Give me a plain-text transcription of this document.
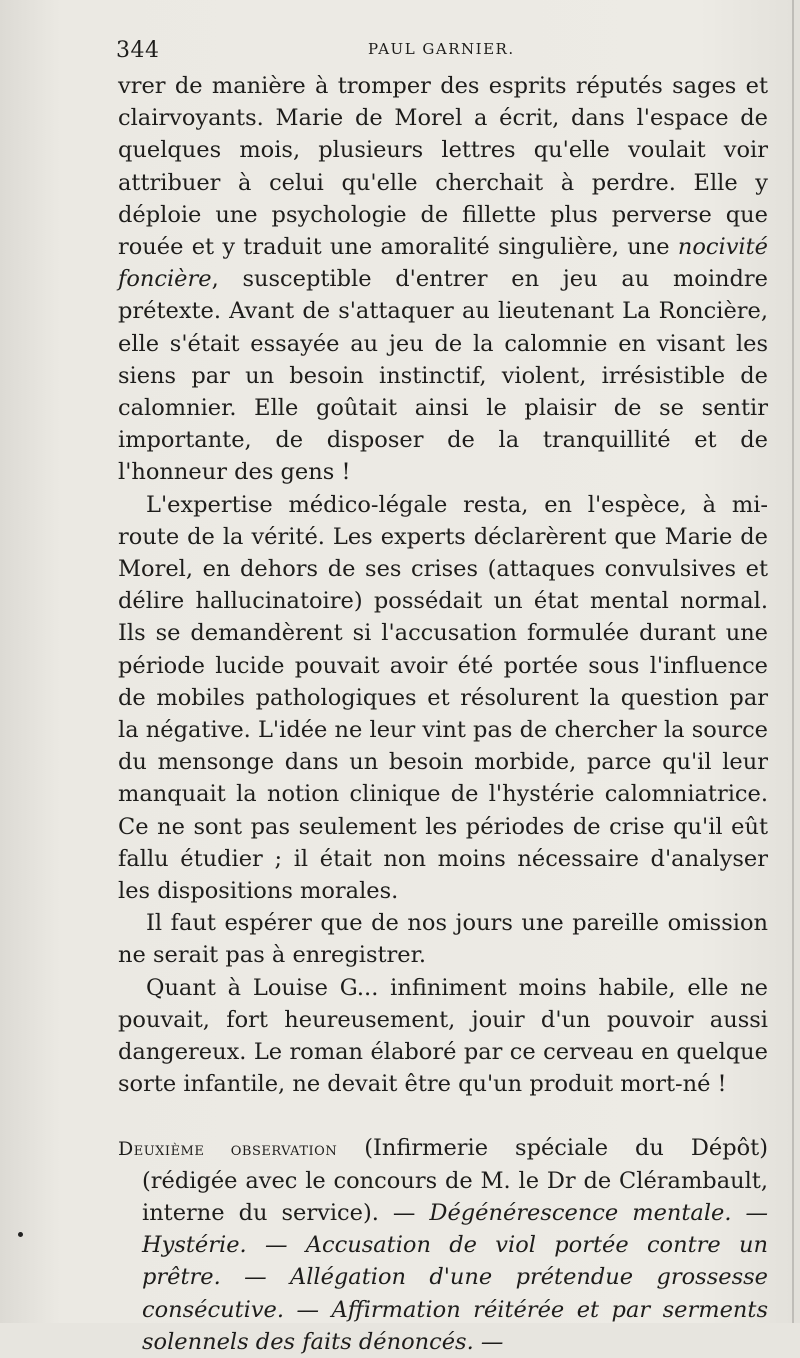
344	PAUL GARNIER.

vrer de manière à tromper des esprits réputés sages et clairvoyants. Marie de Morel a écrit, dans l'espace de quelques mois, plusieurs lettres qu'elle voulait voir attribuer à celui qu'elle cherchait à perdre. Elle y déploie une psychologie de fillette plus perverse que rouée et y traduit une amoralité singulière, une nocivité foncière, susceptible d'entrer en jeu au moindre prétexte. Avant de s'attaquer au lieutenant La Roncière, elle s'était essayée au jeu de la calomnie en visant les siens par un besoin instinctif, violent, irrésistible de calomnier. Elle goûtait ainsi le plaisir de se sentir importante, de disposer de la tranquillité et de l'honneur des gens !

L'expertise médico-légale resta, en l'espèce, à mi-route de la vérité. Les experts déclarèrent que Marie de Morel, en dehors de ses crises (attaques convulsives et délire hallucinatoire) possédait un état mental normal. Ils se demandèrent si l'accusation formulée durant une période lucide pouvait avoir été portée sous l'influence de mobiles pathologiques et résolurent la question par la négative. L'idée ne leur vint pas de chercher la source du mensonge dans un besoin morbide, parce qu'il leur manquait la notion clinique de l'hystérie calomniatrice. Ce ne sont pas seulement les périodes de crise qu'il eût fallu étudier ; il était non moins nécessaire d'analyser les dispositions morales.

Il faut espérer que de nos jours une pareille omission ne serait pas à enregistrer.

Quant à Louise G... infiniment moins habile, elle ne pouvait, fort heureusement, jouir d'un pouvoir aussi dangereux. Le roman élaboré par ce cerveau en quelque sorte infantile, ne devait être qu'un produit mort-né !

Deuxième observation (Infirmerie spéciale du Dépôt) (rédigée avec le concours de M. le Dr de Clérambault, interne du service). — Dégénérescence mentale. — Hystérie. — Accusation de viol portée contre un prêtre. — Allégation d'une prétendue grossesse consécutive. — Affirmation réitérée et par serments solennels des faits dénoncés. —
